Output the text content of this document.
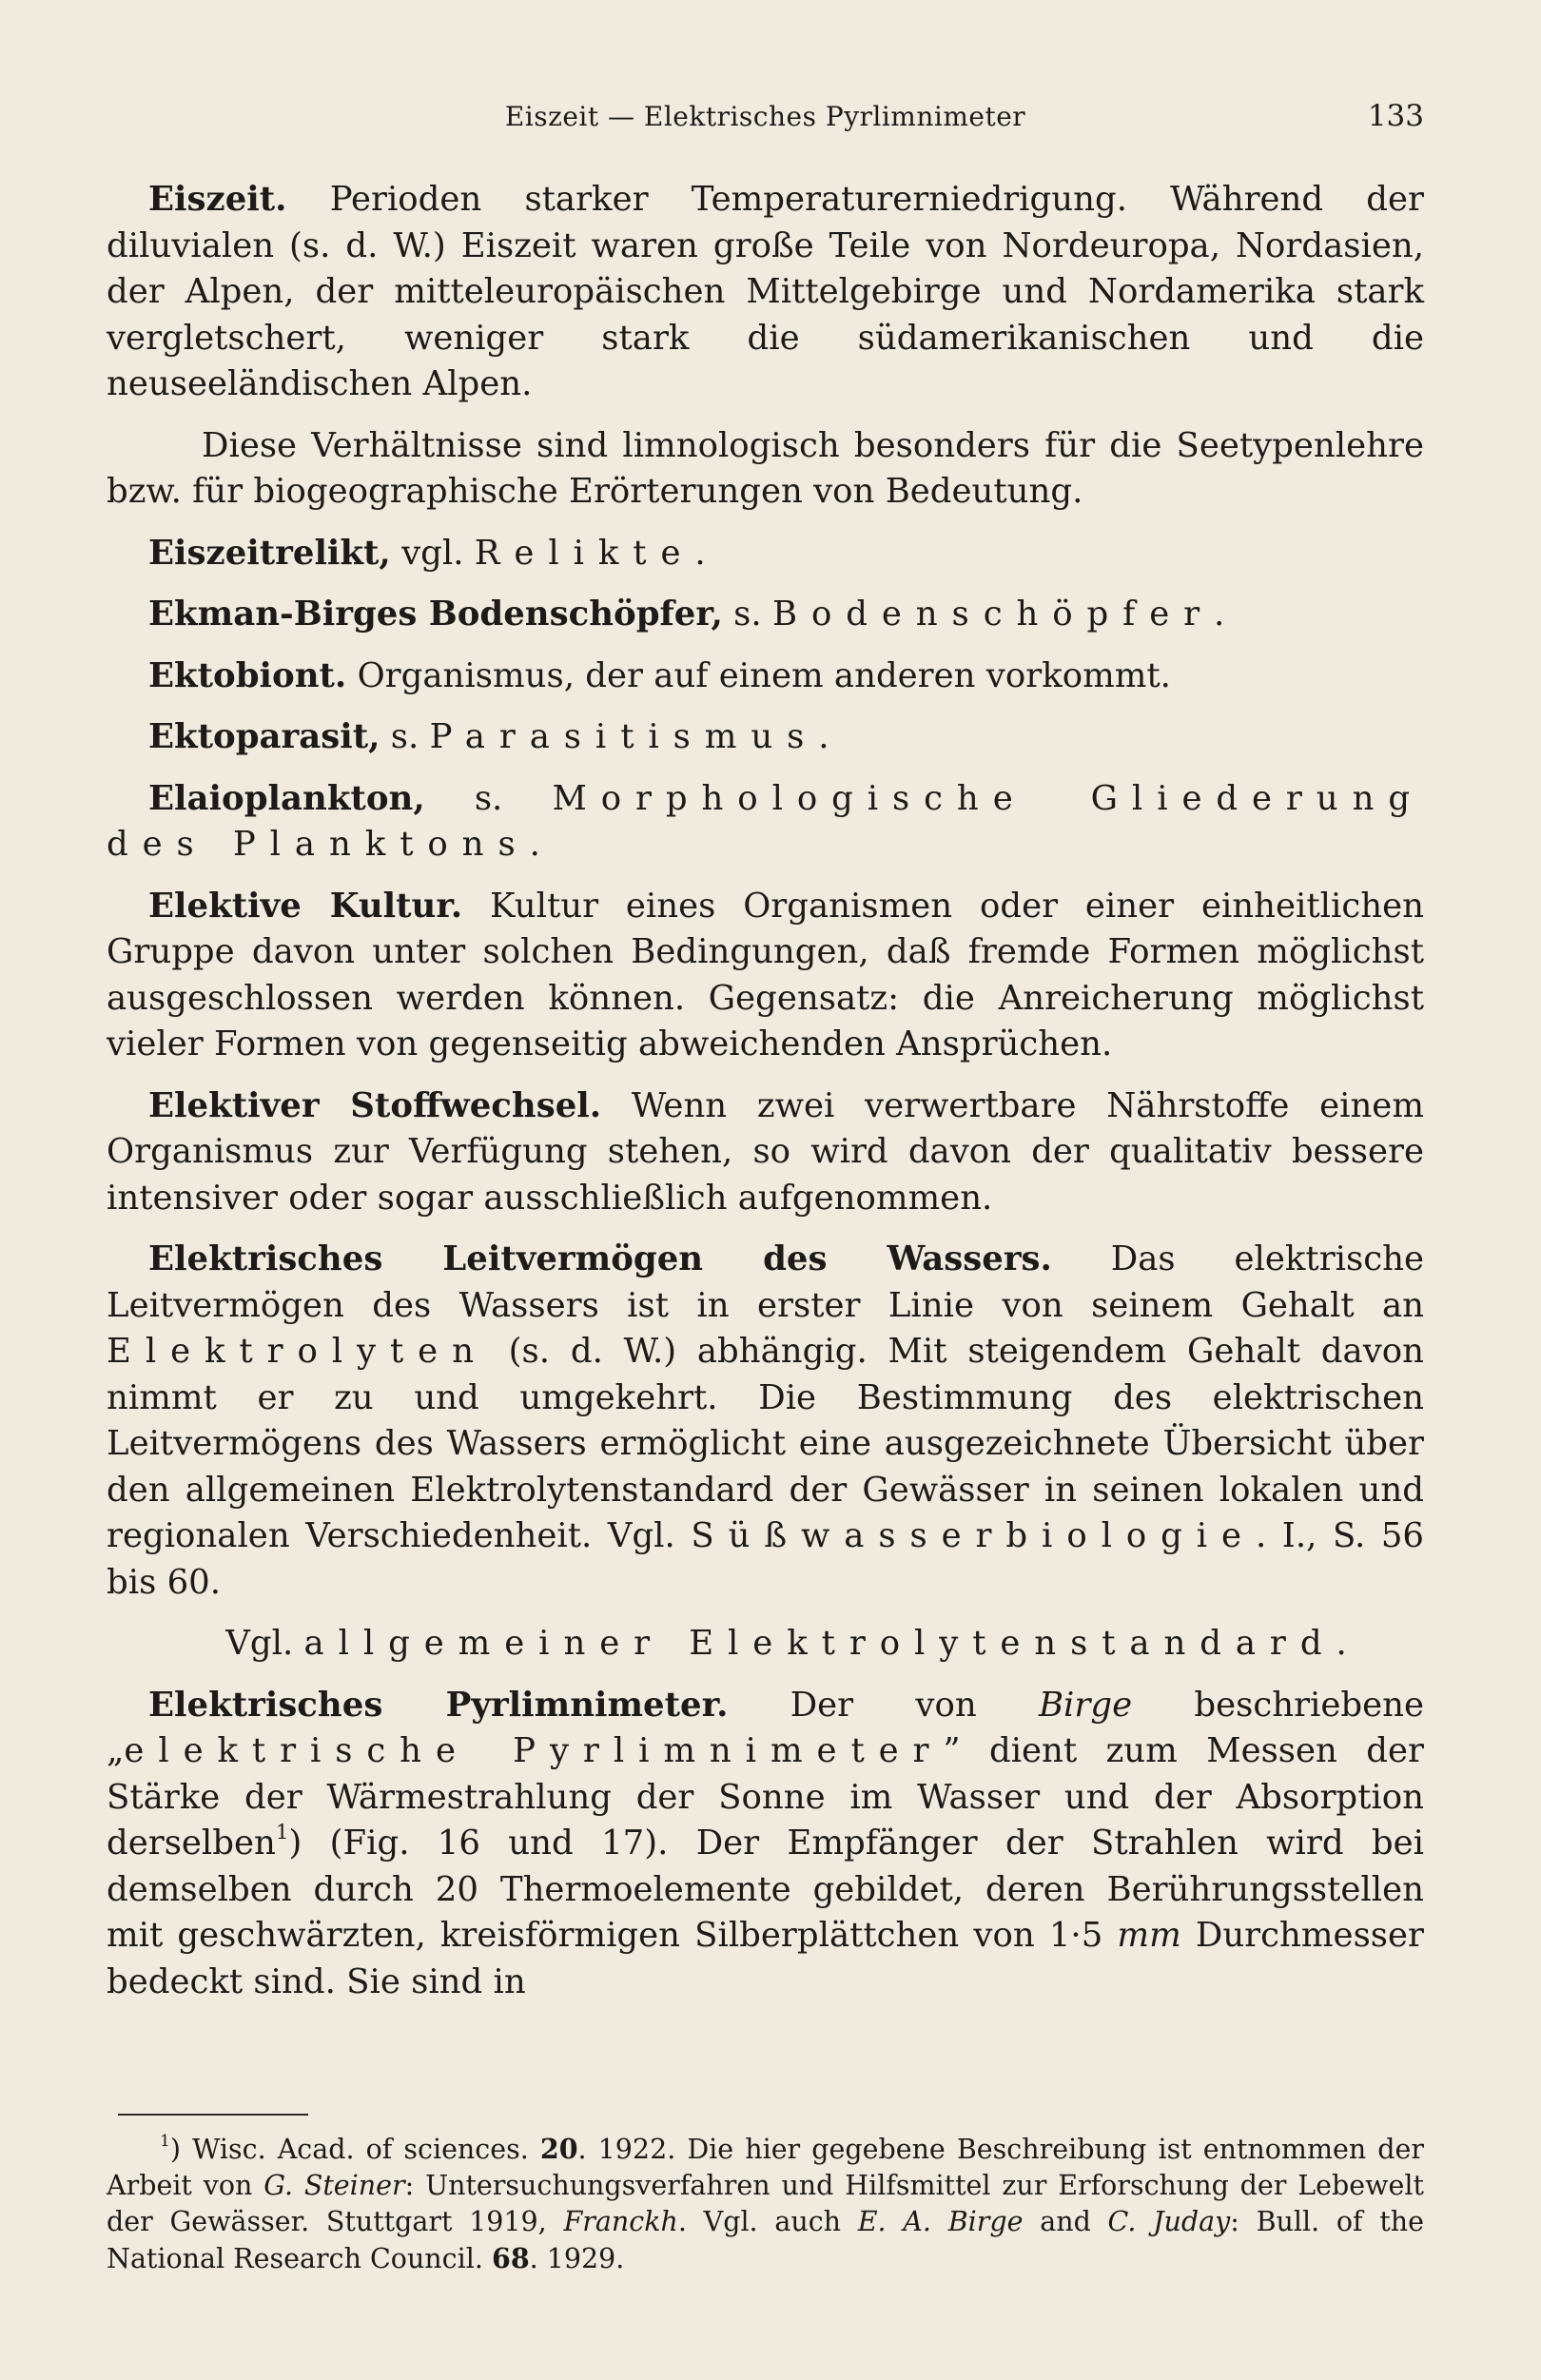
Eiszeit — Elektrisches Pyrlimnimeter	133

Eiszeit. Perioden starker Temperaturerniedrigung. Während der diluvialen (s. d. W.) Eiszeit waren große Teile von Nordeuropa, Nordasien, der Alpen, der mitteleuropäischen Mittelgebirge und Nordamerika stark vergletschert, weniger stark die südamerikanischen und die neuseeländischen Alpen.

Diese Verhältnisse sind limnologisch besonders für die Seetypenlehre bzw. für biogeographische Erörterungen von Bedeutung.

Eiszeitrelikt, vgl. Relikte.

Ekman-Birges Bodenschöpfer, s. Bodenschöpfer.

Ektobiont. Organismus, der auf einem anderen vorkommt.

Ektoparasit, s. Parasitismus.

Elaioplankton, s. Morphologische Gliederung des Planktons.

Elektive Kultur. Kultur eines Organismen oder einer einheitlichen Gruppe davon unter solchen Bedingungen, daß fremde Formen möglichst ausgeschlossen werden können. Gegensatz: die Anreicherung möglichst vieler Formen von gegenseitig abweichenden Ansprüchen.

Elektiver Stoffwechsel. Wenn zwei verwertbare Nährstoffe einem Organismus zur Verfügung stehen, so wird davon der qualitativ bessere intensiver oder sogar ausschließlich aufgenommen.

Elektrisches Leitvermögen des Wassers. Das elektrische Leitvermögen des Wassers ist in erster Linie von seinem Gehalt an Elektrolyten (s. d. W.) abhängig. Mit steigendem Gehalt davon nimmt er zu und umgekehrt. Die Bestimmung des elektrischen Leitvermögens des Wassers ermöglicht eine ausgezeichnete Übersicht über den allgemeinen Elektrolytenstandard der Gewässer in seinen lokalen und regionalen Verschiedenheit. Vgl. Süßwasserbiologie. I., S. 56 bis 60.

Vgl. allgemeiner Elektrolytenstandard.

Elektrisches Pyrlimnimeter. Der von Birge beschriebene „elektrische Pyrlimnimeter” dient zum Messen der Stärke der Wärmestrahlung der Sonne im Wasser und der Absorption derselben$^1$) (Fig. 16 und 17). Der Empfänger der Strahlen wird bei demselben durch 20 Thermoelemente gebildet, deren Berührungsstellen mit geschwärzten, kreisförmigen Silberplättchen von 1·5 mm Durchmesser bedeckt sind. Sie sind in

$^1$) Wisc. Acad. of sciences. 20. 1922. Die hier gegebene Beschreibung ist entnommen der Arbeit von G. Steiner: Untersuchungsverfahren und Hilfsmittel zur Erforschung der Lebewelt der Gewässer. Stuttgart 1919, Franckh. Vgl. auch E. A. Birge and C. Juday: Bull. of the National Research Council. 68. 1929.
